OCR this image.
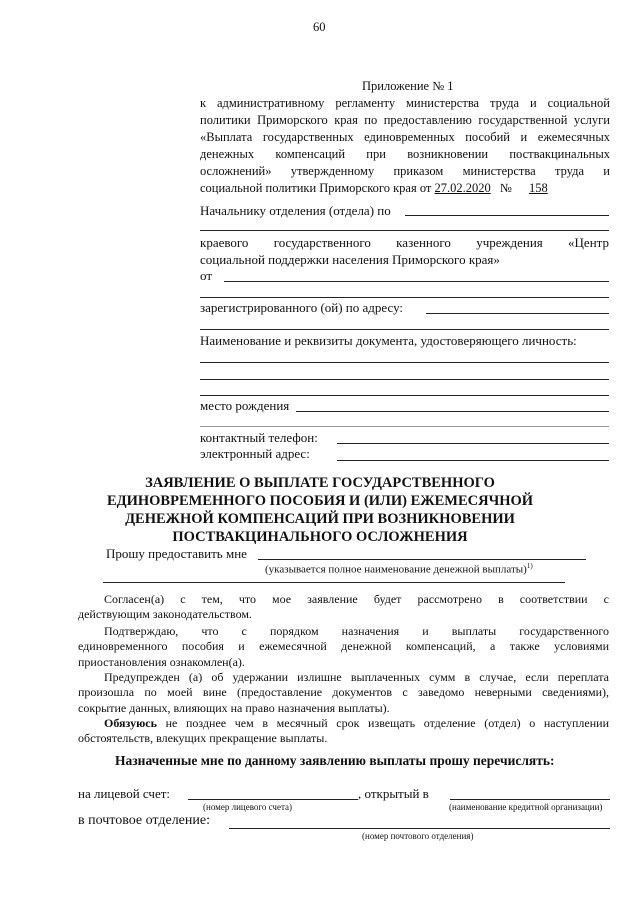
60
Приложение № 1
к административному регламенту министерства труда и социальной
политики Приморского края по предоставлению государственной услуги
«Выплата государственных единовременных пособий и ежемесячных
денежных компенсаций при возникновении поствакцинальных
осложнений» утвержденному приказом министерства труда и
социальной политики Приморского края от 27.02.2020 № 158
Начальнику отделения (отдела) по
краевого государственного казенного учреждения «Центр
социальной поддержки населения Приморского края»
от
зарегистрированного (ой) по адресу:
Наименование и реквизиты документа, удостоверяющего личность:
место рождения
контактный телефон:
электронный адрес:
ЗАЯВЛЕНИЕ О ВЫПЛАТЕ ГОСУДАРСТВЕННОГО
ЕДИНОВРЕМЕННОГО ПОСОБИЯ И (ИЛИ) ЕЖЕМЕСЯЧНОЙ
ДЕНЕЖНОЙ КОМПЕНСАЦИЙ ПРИ ВОЗНИКНОВЕНИИ
ПОСТВАКЦИНАЛЬНОГО ОСЛОЖНЕНИЯ
Прошу предоставить мне
(указывается полное наименование денежной выплаты)$^{1)}$
Согласен(а) с тем, что мое заявление будет рассмотрено в соответствии с
действующим законодательством.
Подтверждаю, что с порядком назначения и выплаты государственного
единовременного пособия и ежемесячной денежной компенсаций, а также условиями
приостановления ознакомлен(а).
Предупрежден (а) об удержании излишне выплаченных сумм в случае, если переплата
произошла по моей вине (предоставление документов с заведомо неверными сведениями),
сокрытие данных, влияющих на право назначения выплаты).
Обязуюсь не позднее чем в месячный срок извещать отделение (отдел) о наступлении
обстоятельств, влекущих прекращение выплаты.
Назначенные мне по данному заявлению выплаты прошу перечислять:
на лицевой счет:	, открытый в
(номер лицевого счета)	(наименование кредитной организации)
в почтовое отделение:
(номер почтового отделения)
